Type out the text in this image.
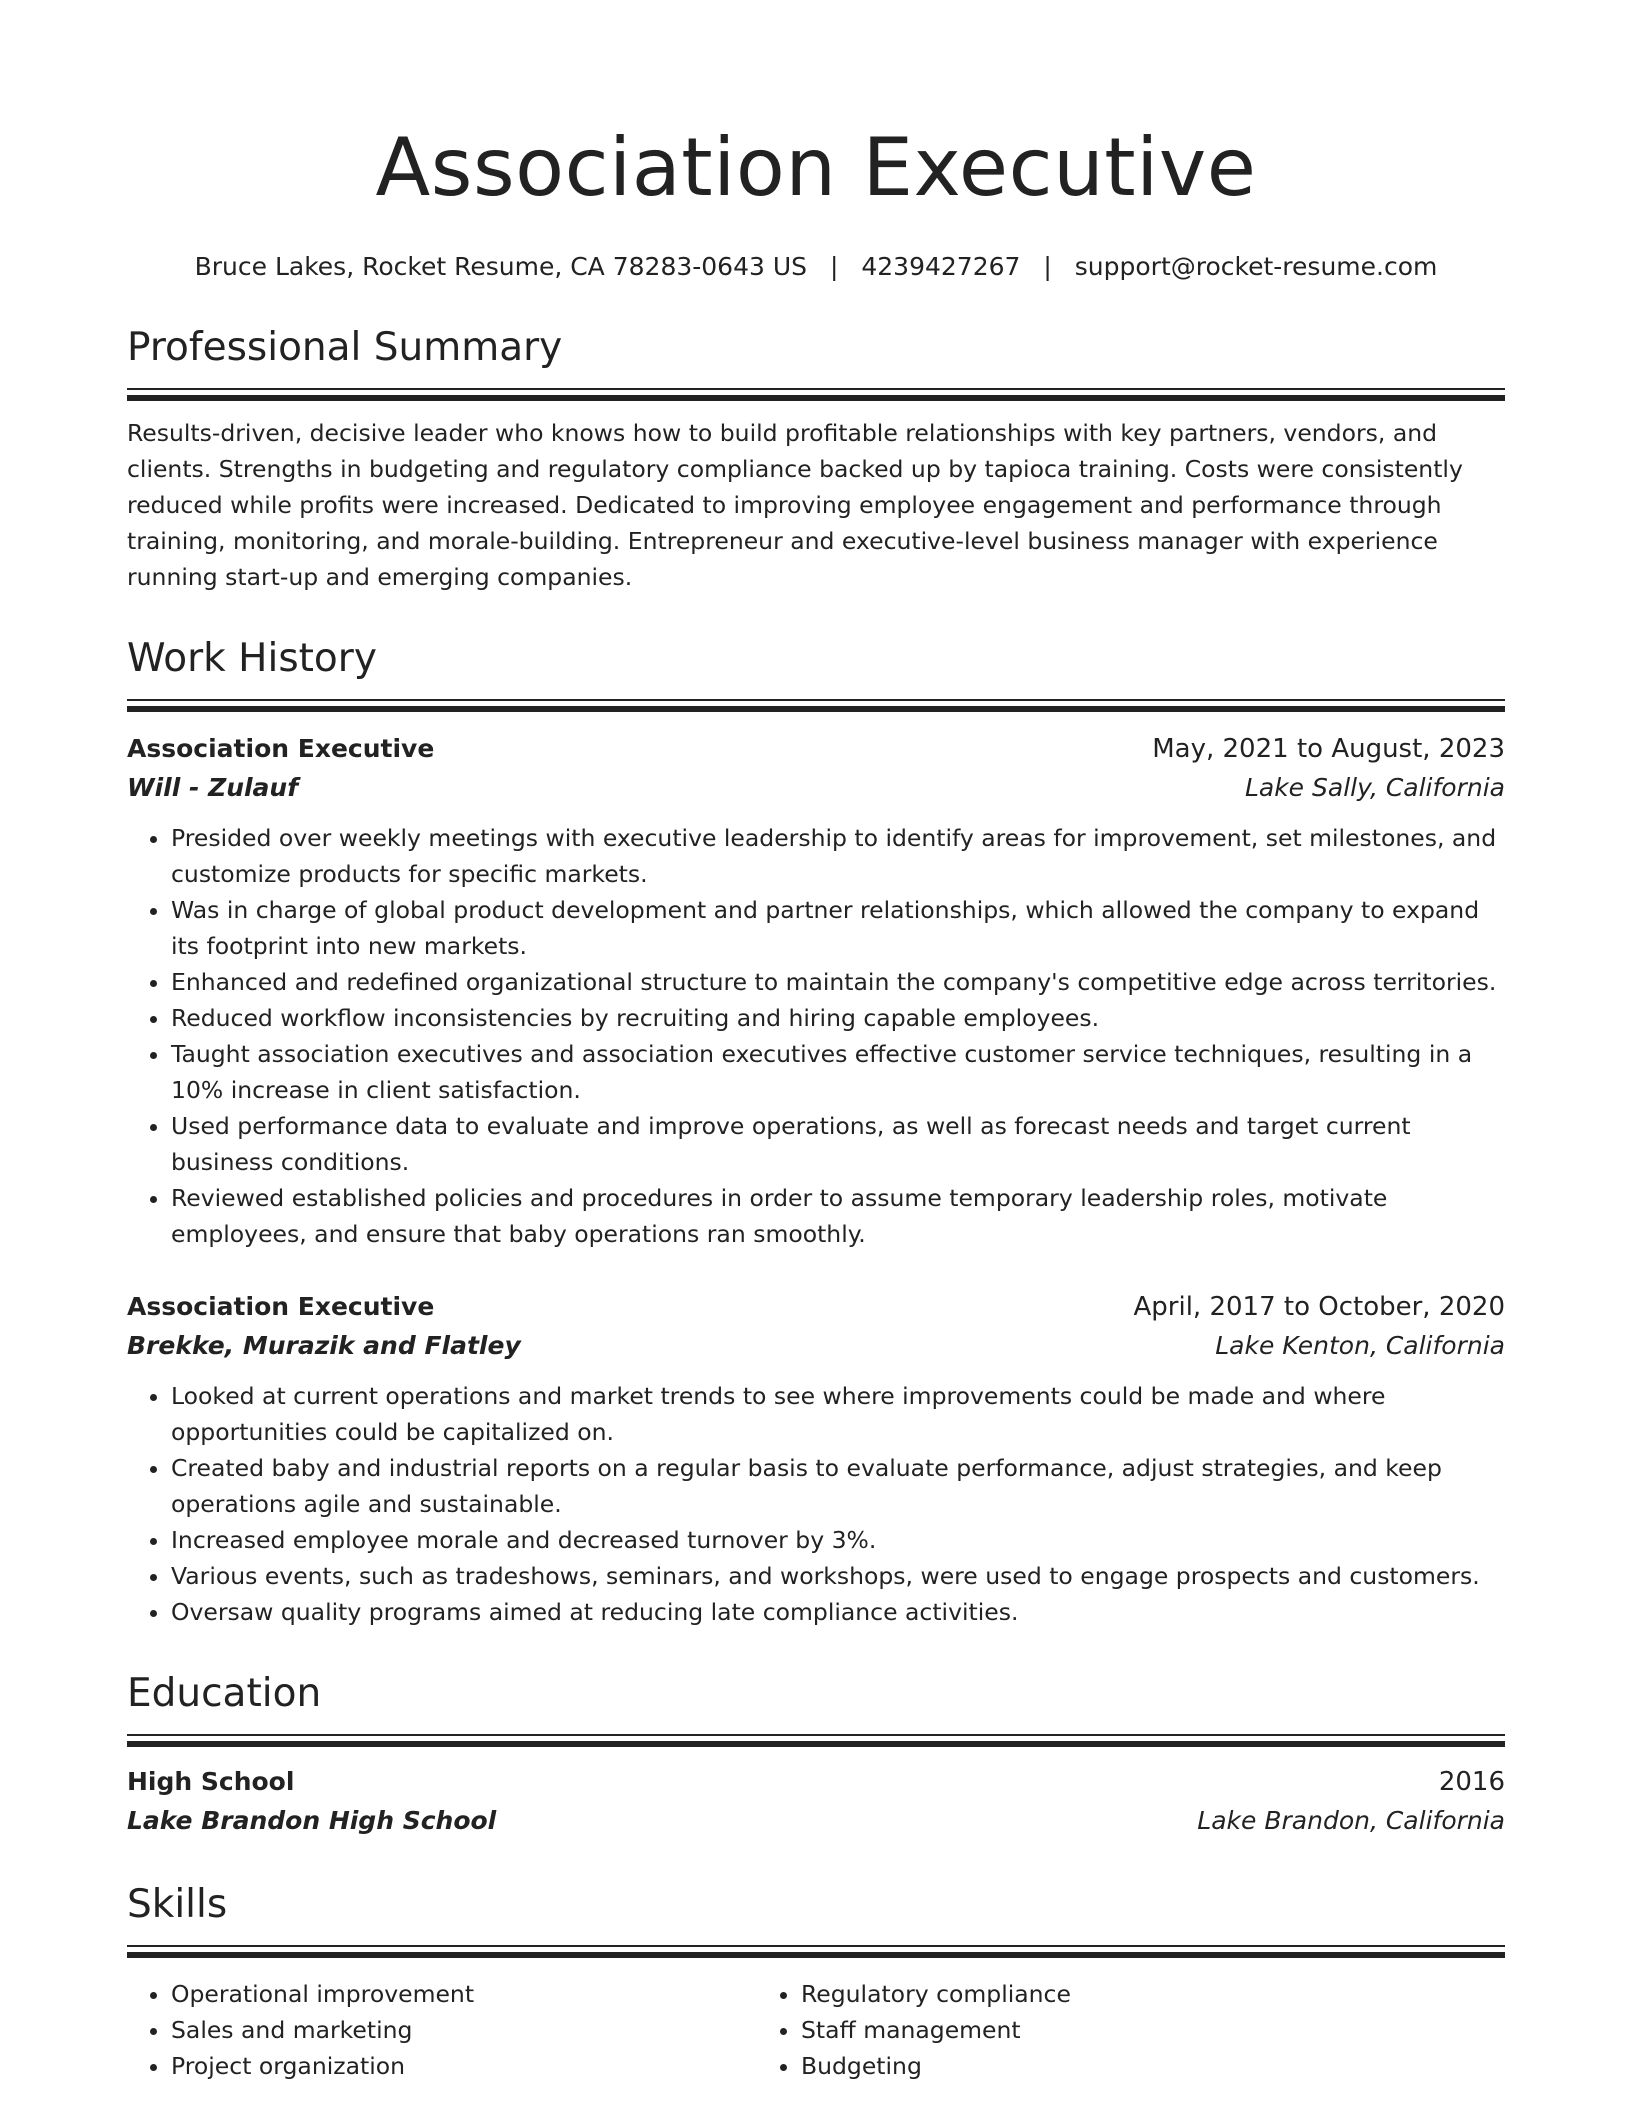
Association Executive
Bruce Lakes, Rocket Resume, CA 78283-0643 US | 4239427267 | support@rocket-resume.com
Professional Summary
Results-driven, decisive leader who knows how to build profitable relationships with key partners, vendors, and clients. Strengths in budgeting and regulatory compliance backed up by tapioca training. Costs were consistently reduced while profits were increased. Dedicated to improving employee engagement and performance through training, monitoring, and morale-building. Entrepreneur and executive-level business manager with experience running start-up and emerging companies.
Work History
Association Executive	May, 2021 to August, 2023
Will - Zulauf	Lake Sally, California
• Presided over weekly meetings with executive leadership to identify areas for improvement, set milestones, and customize products for specific markets.
• Was in charge of global product development and partner relationships, which allowed the company to expand its footprint into new markets.
• Enhanced and redefined organizational structure to maintain the company's competitive edge across territories.
• Reduced workflow inconsistencies by recruiting and hiring capable employees.
• Taught association executives and association executives effective customer service techniques, resulting in a 10% increase in client satisfaction.
• Used performance data to evaluate and improve operations, as well as forecast needs and target current business conditions.
• Reviewed established policies and procedures in order to assume temporary leadership roles, motivate employees, and ensure that baby operations ran smoothly.
Association Executive	April, 2017 to October, 2020
Brekke, Murazik and Flatley	Lake Kenton, California
• Looked at current operations and market trends to see where improvements could be made and where opportunities could be capitalized on.
• Created baby and industrial reports on a regular basis to evaluate performance, adjust strategies, and keep operations agile and sustainable.
• Increased employee morale and decreased turnover by 3%.
• Various events, such as tradeshows, seminars, and workshops, were used to engage prospects and customers.
• Oversaw quality programs aimed at reducing late compliance activities.
Education
High School	2016
Lake Brandon High School	Lake Brandon, California
Skills
• Operational improvement
• Sales and marketing
• Project organization
• Regulatory compliance
• Staff management
• Budgeting
